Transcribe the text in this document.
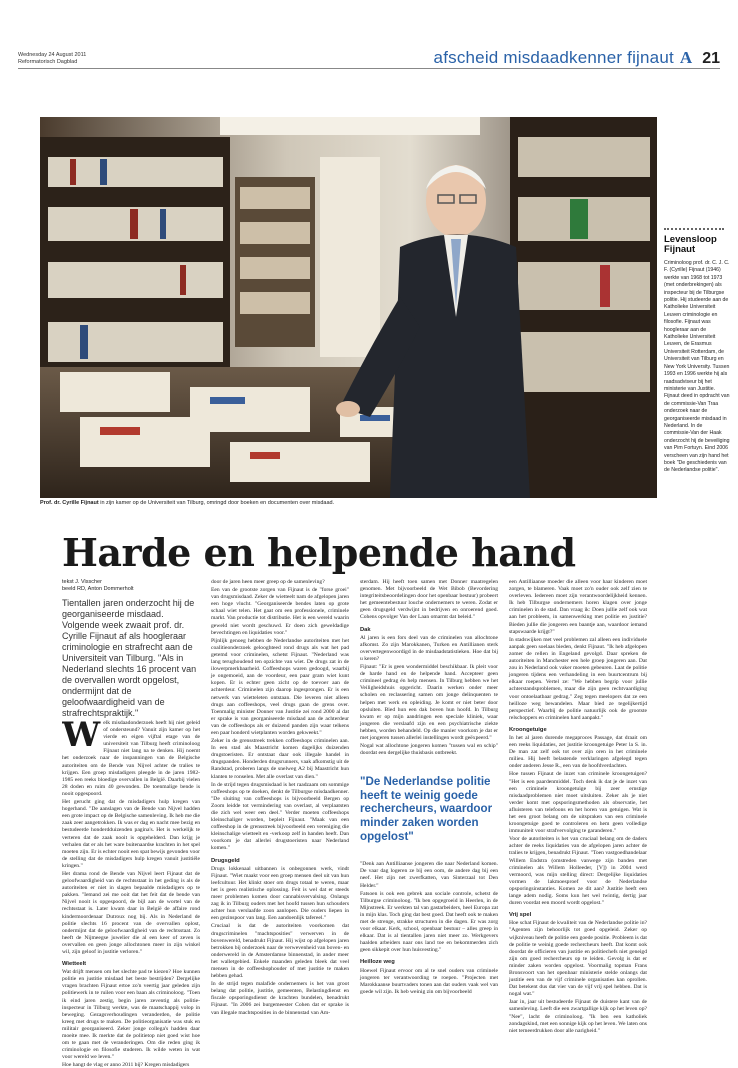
Wednesday 24 August 2011
Reformatorisch Dagblad	afscheid misdaadkenner fijnaut A 21
Prof. dr. Cyrille Fijnaut in zijn kamer op de Universiteit van Tilburg, omringd door boeken en documenten over misdaad.
Levensloop Fijnaut
Criminoloog prof. dr. C. J. C. F. (Cyrille) Fijnaut (1946) werkte van 1968 tot 1973 (met onderbrekingen) als inspecteur bij de Tilburgse politie. Hij studeerde aan de Katholieke Universiteit Leuven criminologie en filosofie. Fijnaut was hoogleraar aan de Katholieke Universiteit Leuven, de Erasmus Universiteit Rotterdam, de Universiteit van Tilburg en New York University. Tussen 1993 en 1996 werkte hij als raadsadviseur bij het ministerie van Justitie. Fijnaut deed in opdracht van de commissie-Van Traa onderzoek naar de georganiseerde misdaad in Nederland. In de commissie-Van der Haak onderzocht hij de beveiliging van Pim Fortuyn. Eind 2006 verscheen van zijn hand het boek "De geschiedenis van de Nederlandse politie".
Harde en helpende hand
tekst J. Visscher
beeld RD, Anton Dommerholt

Tientallen jaren onderzocht hij de georganiseerde misdaad. Volgende week zwaait prof. dr. Cyrille Fijnaut af als hoogleraar criminologie en strafrecht aan de Universiteit van Tilburg. "Als in Nederland slechts 16 procent van de overvallen wordt opgelost, ondermijnt dat de geloofwaardigheid van de strafrechtspraktijk."

W elk misdaadonderzoek heeft hij niet geleid of ondersteund? Vanuit zijn kamer op het vierde en eigen vijftal etage van de universiteit van Tilburg heeft criminoloog Fijnaut niet lang na te denken. Hij noemt het onderzoek naar de inspanningen van de Belgische autoriteiten om de Bende van Nijvel achter de tralies te krijgen. Een groep misdadigers pleegde in de jaren 1982-1985 een reeks bloedige overvallen in België. Daarbij vielen 28 doden en ruim 40 gewonden. De toenmalige bende is nooit opgespoord.

Het gerucht ging dat de misdadigers hulp kregen van hogerhand. "De aanslagen van de Bende van Nijvel hadden een grote impact op de Belgische samenleving. Ik heb me die zaak zeer aangetrokken. Ik was er dag en nacht mee bezig en bestudeerde honderdduizenden pagina's. Het is werkelijk te verteren dat de zaak nooit is opgehelderd. Dan krijg je verhalen dat er als het ware buitenaardse krachten in het spel moeten zijn. Er is echter nooit een spat bewijs gevonden voor de stelling dat de misdadigers hulp kregen vanuit justitiële kringen."

Het drama rond de Bende van Nijvel leert Fijnaut dat de geloofwaardigheid van de rechtsstaat in het geding is als de autoriteiten er niet in slagen bepaalde misdadigers op te pakken. "Iemand zei me ooit dat het feit dat de bende van Nijvel nooit is opgespoord, de bijl aan de wortel van de rechtsstaat is. Later kwam daar in België de affaire rond kindermoordenaar Dutroux nog bij. Als in Nederland de politie slechts 16 procent van de overvallen oplost, ondermijnt dat de geloofwaardigheid van de rechtsstaat. Zo heeft de Nijmeegse juwelier die al een keer of zeven is overvallen en geen jonge allochtonen meer in zijn winkel wil, zijn geloof in justitie verloren."

Wietteelt

Wat drijft mensen om het slechte pad te kiezen? Hoe kunnen politie en justitie misdaad het beste bestrijden? Dergelijke vragen brachten Fijnaut ertoe zo'n veertig jaar geleden zijn politiewerk in te ruilen voor een baan als criminoloog. "Toen ik eind jaren zestig, begin jaren zeventig als politie-inspecteur in Tilburg werkte, was de maatschappij volop in beweging. Gezagsverhoudingen veranderden, de politie kreeg met drugs te maken. De politieorganisatie was stuk en militair georganiseerd. Zeker jonge collega's hadden daar moeite mee. Ik merkte dat de politietop niet goed wist hoe om te gaan met de veranderingen. Om die reden ging ik criminologie en filosofie studeren. Ik wilde weten in wat voor wereld we leven."

Hoe hangt de vlag er anno 2011 bij? Kregen misdadigers

door de jaren heen meer greep op de samenleving?

Een van de grootste zorgen van Fijnaut is de "forse groei" van drugsmisdaad. Zeker de wietteelt nam de afgelopen jaren een hoge vlucht. "Georganiseerde bendes laten op grote schaal wiet telen. Het gaat om een professionele, criminele markt. Van productie tot distributie. Het is een wereld waarin geweld niet wordt geschuwd. Er doen zich geweldadige bevechtingen en liquidaties voor."

Pijnlijk genoeg hebben de Nederlandse autoriteiten met het coalitieonderzoek gelooghteed rond drugs als wat het pad getemd voor criminelen, schetst Fijnaut. "Nederland was lang terughoudend ten opzichte van wiet. De drugs zat in de ilowerpmerkbaarheid. Coffeeshops waren gedoogd, waarbij je ongemoeid, aan de voordeur, een paar gram wiet kunt kopen. Er is echter geen zicht op de toevoer aan de achterdeur. Criminelen zijn daarop ingesprongen. Er is een netwerk van wietteleten ontstaan. Die leveren niet alleen drugs aan coffeeshops, veel drugs gaan de grens over. Toenmalig minister Donner van Justitie zei rond 2000 al dat er sprake is van georganiseerde misdaad aan de achterdeur van de coffeeshops als er duizend panden zijn waar telkens een paar honderd wietplanten worden gekweekt."

Zeker in de grensstreek trekken coffeeshops criminelen aan. In een stad als Maastricht komen dagelijks duizenden drugstoeristen. Er ontstaat daar ook illegale handel in drugspanden. Honderden drugsrunners, vaak afkomstig uit de Randstad, proberen langs de snelweg A2 bij Maastricht hun klanten te ronselen. Met alle overlast van dien."

In de strijd tegen drugsmisdaad is het raadzaam om sommige coffeeshops op te doeken, denkt de Tilburgse misdaadkenner. "De sluiting van coffeeshops is bijvoorbeeld Bergen op Zoom leidde tot vermindering van overlast, al verplaatsten die zich wel weer een deel." Verder moeten coffeeshops kleinschaliger worden, bepleit Fijnaut. "Maak van een coffeeshop in de grensstreek bijvoorbeeld een vereniging die kleinschalige wietteelt en -verkoop zelf in handen heeft. Dan voorkom je dat allerlei drugstoeristen naar Nederland komen."

Drugsgeld

Drugs lokkenaal uitbannen is onbegonnen werk, vindt Fijnaut. "Wiet maakt voor een groep mensen deel uit van hun leefcultuur. Het klinkt stoer om drugs totaal te weren, maar het is geen realistische oplossing. Feit is wel dat er steeds meer problemen komen door cannabisvervalsing. Onlangs zag ik in Tilburg ouders met het hoofd tussen hun schouders achter hun verslaafde zoon aanlopen. Die ouders liepen in een gezinspoor van lang. Een aandoenlijk tafereel."

Cruciaal is dat de autoriteiten voorkomen dat drugscriminelen "machtsposities" verwerven in de bovenwereld, benadrukt Fijnaut. Hij wijst op afgelopen jaren betrokken bij onderzoek naar de verwevenheid van boven- en onderwereld in de Amsterdamse binnenstad, in ander meer het walletgebied. Enkele maanden geleden bleek dat veel mensen in de coffeeshophouder of met justitie te maken hebben gehad.

In de strijd tegen malafide ondernemers is het van groot belang dat politie, justitie, gemeenten, Belastingdienst en fiscale opsporingsdienst de krachten bundelen, benadrukt Fijnaut. "In 2006 zei burgemeester Cohen dat er sprake is van illegale machtsposities in de binnenstad van Am-

sterdam. Hij heeft toen samen met Donner maatregelen genomen. Met bijvoorbeeld de Wet Bibob (Bevordering integriteitsbeoordelingen door het openbaar bestuur) probeert het gemeentebestuur louche ondernemers te weren. Zodat er geen drugsgeld verdwijnt in bedrijven en onroerend goed. Cohens opvolger Van der Laan omarmt dat beleid."

Dak

Al jaren is een fors deel van de criminelen van allochtone afkomst. Zo zijn Marokkanen, Turken en Antillianen sterk oververtegenwoordigd in de misdaadstatistieken. Hoe dat bij u keren?

Fijnaut: "Er is geen wondermiddel beschikbaar. Ik pleit voor de harde hand en de helpende hand. Accepteer geen crimineel gedrag én help mensen. In Tilburg hebben we het Veiligheidshuis opgericht. Daarin werken onder meer scholen en reclassering samen om jonge delinquenten te helpen met werk en opleiding. Je komt er niet beter door opsluiten. Bied hun een dak boven hun hoofd. In Tilburg kwam er op mijn aandringen een speciale kliniek, waar jongeren die verslaafd zijn en een psychiatrische ziekte hebben, worden behandeld. Op die manier voorkom je dat er met jongeren tussen allerlei instellingen wordt geëxpeerd."

Nogal wat allochtone jongeren komen "tussen wal en schip" doordat een dergelijke thuisbasis ontbreekt.

"De Nederlandse politie heeft te weinig goede rechercheurs, waardoor minder zaken worden opgelost"

"Denk aan Antilliaanse jongeren die naar Nederland komen. De vaar dag logeren ze bij een oom, de andere dag bij een neef. Het zijn net zwerfkatten, van Sinterzaal tot Den Helder."

Fatsoen is ook een gebrek aan sociale controle, schetst de Tilburgse criminoloog. "Ik ben opgegroeid in Heerlen, in de Mijnstreek. Er werkten tal van gastarbeiders, heel Europa zat in mijn klas. Toch ging dat best goed. Dat heeft ook te maken met de strenge, strakke structuren in die dagen. Er was zorg voor elkaar. Kerk, school, openbaar bestuur – alles greep in elkaar. Dat is al tientallen jaren niet meer zo. Werkgevers haalden arbeiders naar ons land toe en bekommerden zich geen sikkepit over hun huisvesting."

Heilloze weg

Hoewel Fijnaut ervoor om al te snel ouders van criminele jongeren ter verantwoording te roepen. "Projecten met Marokkaanse buurtvaders tonen aan dat ouders vaak wel van goede wil zijn. Ik heb weinig zin om bijvoorbeeld

een Antilliaanse moeder die alleen voor haar kinderen moet zorgen, te blameren. Vaak moet zo'n ouder ook zelf zien te overleven. Iedereen moet zijn verantwoordelijkheid kennen. Ik heb Tilburgse ondernemers horen klagen over jonge criminelen in de stad. Dan vraag ik: Doen jullie zelf ook wat aan het probleem, in samenwerking met politie en justitie? Bieden jullie die jongeren een baantje aan, waardoor iemand stapswaarde krijgt?"

In stadswijken met veel problemen zal alleen een individuele aanpak geen soelaas bieden, denkt Fijnaut. "Ik heb afgelopen zomer de rellen in Engeland gevolgd. Daar spreken de autoriteiten in Manchester een hele groep jongeren aan. Dat zou in Nederland ook vaker moeten gebeuren. Laat de politie jongeren tijdens een verhandeling in een buurtcentrum bij elkaar roepen. Vertel ze: "We hebben begrip voor jullie achterstandsproblemen, maar die zijn geen rechtvaardiging voor ontoelaatbaar gedrag." Zeg tegen meelopers dat ze een heilloze weg bewandelen. Maar bied ze tegelijkertijd perspectief. Waarbij de politie natuurlijk ook de grootste relschoppers en criminelen hard aanpakt."

Kroongetuige

In het al jaren durende megaproces Passage, dat draait om een reeks liquidaties, zet justitie kroongetuige Peter la S. in. De man zat zelf ook tot over zijn oren in het criminele milieu. Hij heeft belastende verklaringen afgelegd tegen onder anderen Jesse R., een van de hoofdverdachten.

Hoe tussen Fijnaut de inzet van criminele kroongetuigen? "Het is een paardenmiddel. Toch denk ik dat je de inzet van een criminele kroongetuige bij zeer ernstige misdaadproblemen niet moet uitsluiten. Zeker als je niet verder komt met opsporingsmethoden als observatie, het afluisteren van telefoons en het horen van getuigen. Wat is het een groot belang om de uitspraken van een criminele kroongetuige goed te controleren en hem geen volledige immuniteit voor strafvervolging te garanderen."

Voor de autoriteiten is het van cruciaal belang om de daders achter de reeks liquidaties van de afgelopen jaren achter de tralies te krijgen, benadrukt Fijnaut. "Toen vastgoedhandelaar Willem Endstra (omstreden vanwege zijn banden met criminelen als Willem Holleeder, [V]) in 2004 werd vermoord, was mijn stelling direct: Dergelijke liquidaties vormen de lakmoesproef voor de Nederlandse opsporingsinstanties. Komen ze dit aan? Justitie heeft een lange adem nodig. Soms kun het wel twintig, dertig jaar duren voordat een moord wordt opgelost."

Vrij spel

Hoe schat Fijnaut de kwaliteit van de Nederlandse politie in? "Agenten zijn behoorlijk tot goed opgeleid. Zeker op wijkniveau heeft de politie een goede positie. Probleem is dat de politie te weinig goede rechercheurs heeft. Dat komt ook doordat de officieren van justitie en politiechefs niet geneigd zijn om goed rechercheurs op te leiden. Gevolg is dat er minder zaken worden opgelost. Voormalig topman Frans Bronsvoort van het openbaar ministerie stelde onlangs dat justitie een van de vijf criminele organisaties kan oprollen. Dat betekent dus dat vier van de vijf vrij spel hebben. Dat is nogal wat."

Jaar in, jaar uit bestudeerde Fijnaut de duistere kant van de samenleving. Leeft die een zwartgallige kijk op het leven op? "Nee", lacht de criminoloog. "Ik ben een katholiek zondagskind, met een sonnige kijk op het leven. We laten ons niet terneerdrukken door alle narigheid."
